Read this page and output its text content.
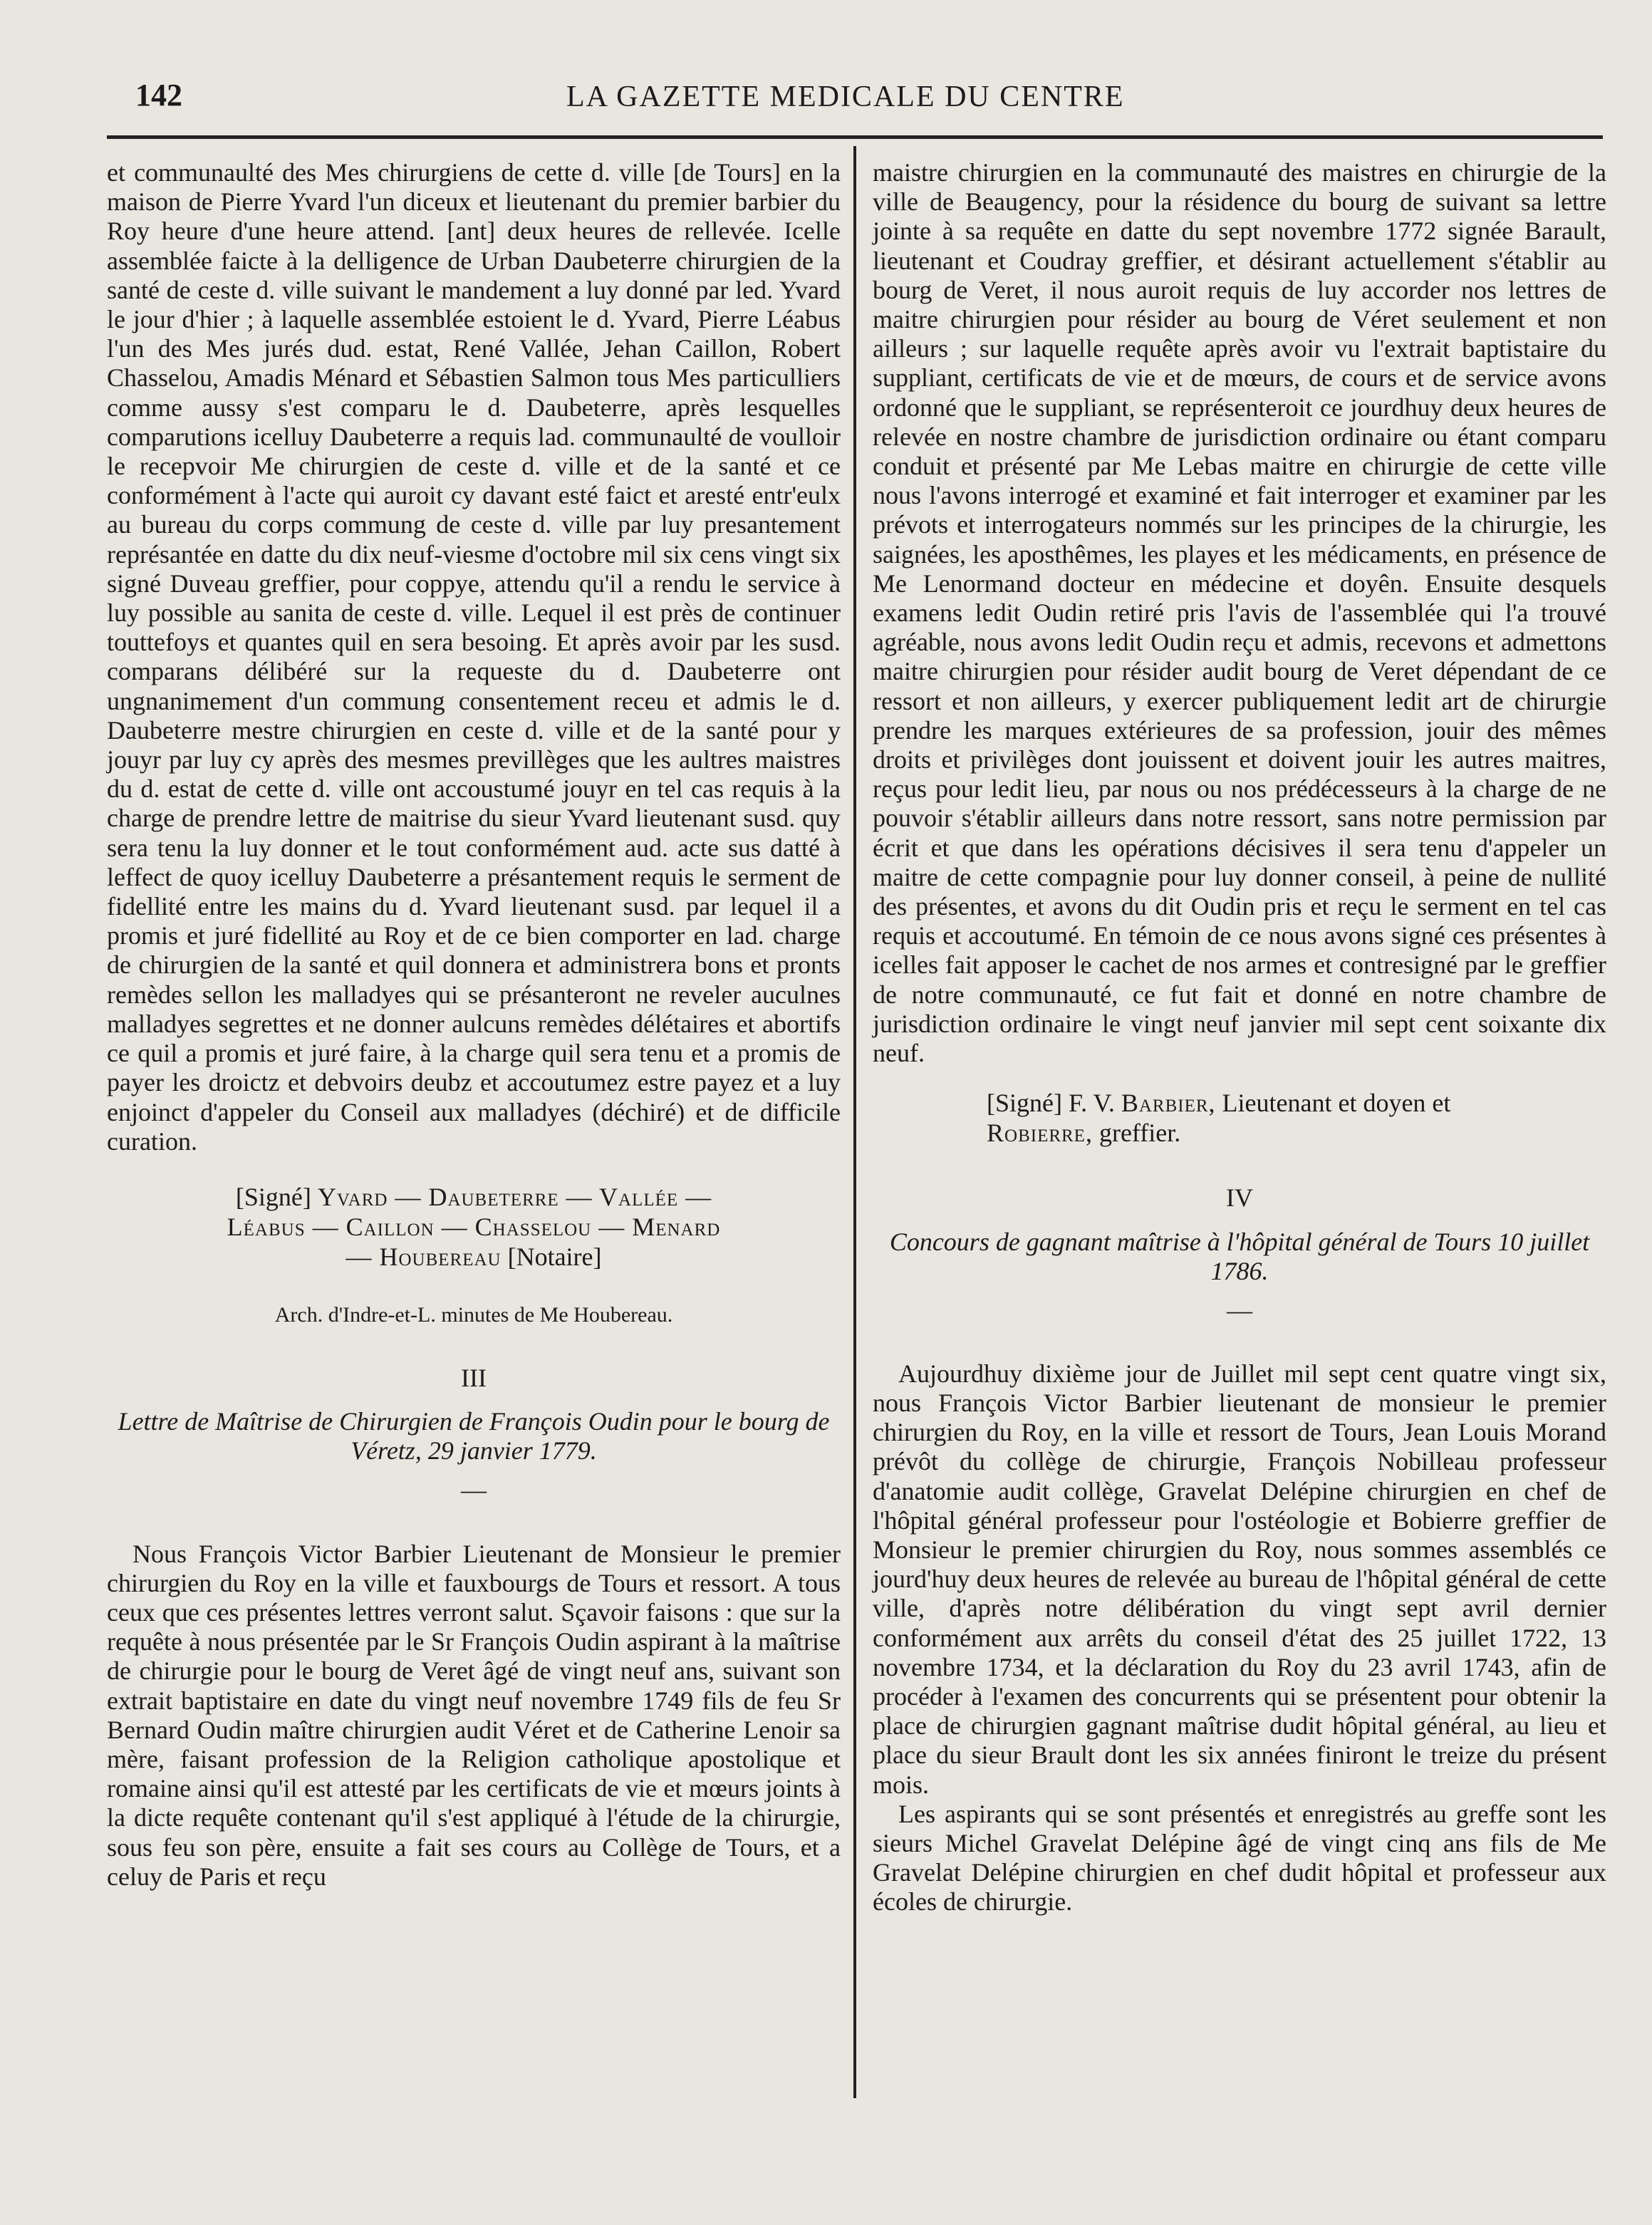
142	LA GAZETTE MEDICALE DU CENTRE

et communaulté des Mes chirurgiens de cette d. ville [de Tours] en la maison de Pierre Yvard l'un diceux et lieutenant du premier barbier du Roy heure d'une heure attend. [ant] deux heures de rellevée. Icelle assemblée faicte à la delligence de Urban Daubeterre chirurgien de la santé de ceste d. ville suivant le mandement a luy donné par led. Yvard le jour d'hier ; à laquelle assemblée estoient le d. Yvard, Pierre Léabus l'un des Mes jurés dud. estat, René Vallée, Jehan Caillon, Robert Chasselou, Amadis Ménard et Sébastien Salmon tous Mes particulliers comme aussy s'est comparu le d. Daubeterre, après lesquelles comparutions icelluy Daubeterre a requis lad. communaulté de voulloir le recepvoir Me chirurgien de ceste d. ville et de la santé et ce conformément à l'acte qui auroit cy davant esté faict et aresté entr'eulx au bureau du corps commung de ceste d. ville par luy presantement représantée en datte du dix neuf-viesme d'octobre mil six cens vingt six signé Duveau greffier, pour coppye, attendu qu'il a rendu le service à luy possible au sanita de ceste d. ville. Lequel il est près de continuer touttefoys et quantes quil en sera besoing. Et après avoir par les susd. comparans délibéré sur la requeste du d. Daubeterre ont ungnanimement d'un commung consentement receu et admis le d. Daubeterre mestre chirurgien en ceste d. ville et de la santé pour y jouyr par luy cy après des mesmes previllèges que les aultres maistres du d. estat de cette d. ville ont accoustumé jouyr en tel cas requis à la charge de prendre lettre de maitrise du sieur Yvard lieutenant susd. quy sera tenu la luy donner et le tout conformément aud. acte sus datté à leffect de quoy icelluy Daubeterre a présantement requis le serment de fidellité entre les mains du d. Yvard lieutenant susd. par lequel il a promis et juré fidellité au Roy et de ce bien comporter en lad. charge de chirurgien de la santé et quil donnera et administrera bons et pronts remèdes sellon les malladyes qui se présanteront ne reveler auculnes malladyes segrettes et ne donner aulcuns remèdes délétaires et abortifs ce quil a promis et juré faire, à la charge quil sera tenu et a promis de payer les droictz et debvoirs deubz et accoutumez estre payez et a luy enjoinct d'appeler du Conseil aux malladyes (déchiré) et de difficile curation.

[Signé] Yvard — Daubeterre — Vallée —
Léabus — Caillon — Chasselou — Menard
— Houbereau [Notaire]
Arch. d'Indre-et-L. minutes de Me Houbereau.
III

Lettre de Maîtrise de Chirurgien de François Oudin pour le bourg de Véretz, 29 janvier 1779.

—

Nous François Victor Barbier Lieutenant de Monsieur le premier chirurgien du Roy en la ville et fauxbourgs de Tours et ressort. A tous ceux que ces présentes lettres verront salut. Sçavoir faisons : que sur la requête à nous présentée par le Sr François Oudin aspirant à la maîtrise de chirurgie pour le bourg de Veret âgé de vingt neuf ans, suivant son extrait baptistaire en date du vingt neuf novembre 1749 fils de feu Sr Bernard Oudin maître chirurgien audit Véret et de Catherine Lenoir sa mère, faisant profession de la Religion catholique apostolique et romaine ainsi qu'il est attesté par les certificats de vie et mœurs joints à la dicte requête contenant qu'il s'est appliqué à l'étude de la chirurgie, sous feu son père, ensuite a fait ses cours au Collège de Tours, et a celuy de Paris et reçu

maistre chirurgien en la communauté des maistres en chirurgie de la ville de Beaugency, pour la résidence du bourg de suivant sa lettre jointe à sa requête en datte du sept novembre 1772 signée Barault, lieutenant et Coudray greffier, et désirant actuellement s'établir au bourg de Veret, il nous auroit requis de luy accorder nos lettres de maitre chirurgien pour résider au bourg de Véret seulement et non ailleurs ; sur laquelle requête après avoir vu l'extrait baptistaire du suppliant, certificats de vie et de mœurs, de cours et de service avons ordonné que le suppliant, se représenteroit ce jourdhuy deux heures de relevée en nostre chambre de jurisdiction ordinaire ou étant comparu conduit et présenté par Me Lebas maitre en chirurgie de cette ville nous l'avons interrogé et examiné et fait interroger et examiner par les prévots et interrogateurs nommés sur les principes de la chirurgie, les saignées, les aposthêmes, les playes et les médicaments, en présence de Me Lenormand docteur en médecine et doyên. Ensuite desquels examens ledit Oudin retiré pris l'avis de l'assemblée qui l'a trouvé agréable, nous avons ledit Oudin reçu et admis, recevons et admettons maitre chirurgien pour résider audit bourg de Veret dépendant de ce ressort et non ailleurs, y exercer publiquement ledit art de chirurgie prendre les marques extérieures de sa profession, jouir des mêmes droits et privilèges dont jouissent et doivent jouir les autres maitres, reçus pour ledit lieu, par nous ou nos prédécesseurs à la charge de ne pouvoir s'établir ailleurs dans notre ressort, sans notre permission par écrit et que dans les opérations décisives il sera tenu d'appeler un maitre de cette compagnie pour luy donner conseil, à peine de nullité des présentes, et avons du dit Oudin pris et reçu le serment en tel cas requis et accoutumé. En témoin de ce nous avons signé ces présentes à icelles fait apposer le cachet de nos armes et contresigné par le greffier de notre communauté, ce fut fait et donné en notre chambre de jurisdiction ordinaire le vingt neuf janvier mil sept cent soixante dix neuf.

[Signé] F. V. Barbier, Lieutenant et doyen et
Robierre, greffier.
IV

Concours de gagnant maîtrise à l'hôpital général de Tours 10 juillet 1786.

—

Aujourdhuy dixième jour de Juillet mil sept cent quatre vingt six, nous François Victor Barbier lieutenant de monsieur le premier chirurgien du Roy, en la ville et ressort de Tours, Jean Louis Morand prévôt du collège de chirurgie, François Nobilleau professeur d'anatomie audit collège, Gravelat Delépine chirurgien en chef de l'hôpital général professeur pour l'ostéologie et Bobierre greffier de Monsieur le premier chirurgien du Roy, nous sommes assemblés ce jourd'huy deux heures de relevée au bureau de l'hôpital général de cette ville, d'après notre délibération du vingt sept avril dernier conformément aux arrêts du conseil d'état des 25 juillet 1722, 13 novembre 1734, et la déclaration du Roy du 23 avril 1743, afin de procéder à l'examen des concurrents qui se présentent pour obtenir la place de chirurgien gagnant maîtrise dudit hôpital général, au lieu et place du sieur Brault dont les six années finiront le treize du présent mois.

Les aspirants qui se sont présentés et enregistrés au greffe sont les sieurs Michel Gravelat Delépine âgé de vingt cinq ans fils de Me Gravelat Delépine chirurgien en chef dudit hôpital et professeur aux écoles de chirurgie.
